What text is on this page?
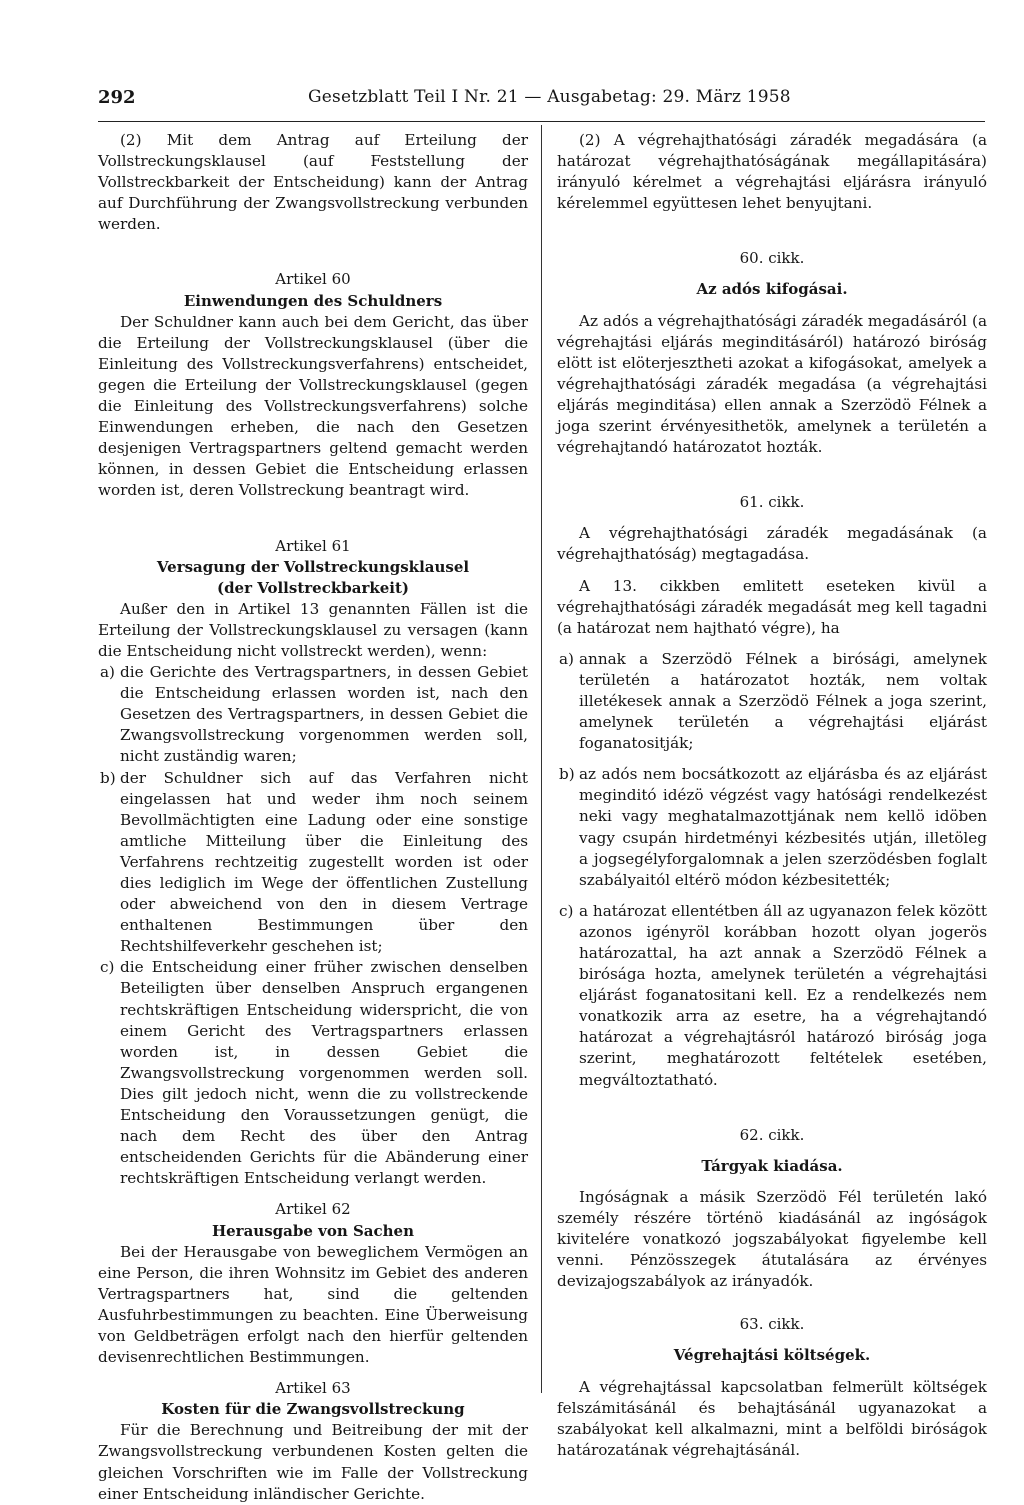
292	Gesetzblatt Teil I Nr. 21 — Ausgabetag: 29. März 1958

(2) Mit dem Antrag auf Erteilung der Vollstreckungsklausel (auf Feststellung der Vollstreckbarkeit der Entscheidung) kann der Antrag auf Durchführung der Zwangsvollstreckung verbunden werden.

Artikel 60
Einwendungen des Schuldners

Der Schuldner kann auch bei dem Gericht, das über die Erteilung der Vollstreckungsklausel (über die Einleitung des Vollstreckungsverfahrens) entscheidet, gegen die Erteilung der Vollstreckungsklausel (gegen die Einleitung des Vollstreckungsverfahrens) solche Einwendungen erheben, die nach den Gesetzen desjenigen Vertragspartners geltend gemacht werden können, in dessen Gebiet die Entscheidung erlassen worden ist, deren Vollstreckung beantragt wird.

Artikel 61
Versagung der Vollstreckungsklausel
(der Vollstreckbarkeit)

Außer den in Artikel 13 genannten Fällen ist die Erteilung der Vollstreckungsklausel zu versagen (kann die Entscheidung nicht vollstreckt werden), wenn:

a) die Gerichte des Vertragspartners, in dessen Gebiet die Entscheidung erlassen worden ist, nach den Gesetzen des Vertragspartners, in dessen Gebiet die Zwangsvollstreckung vorgenommen werden soll, nicht zuständig waren;
b) der Schuldner sich auf das Verfahren nicht eingelassen hat und weder ihm noch seinem Bevollmächtigten eine Ladung oder eine sonstige amtliche Mitteilung über die Einleitung des Verfahrens rechtzeitig zugestellt worden ist oder dies lediglich im Wege der öffentlichen Zustellung oder abweichend von den in diesem Vertrage enthaltenen Bestimmungen über den Rechtshilfeverkehr geschehen ist;
c) die Entscheidung einer früher zwischen denselben Beteiligten über denselben Anspruch ergangenen rechtskräftigen Entscheidung widerspricht, die von einem Gericht des Vertragspartners erlassen worden ist, in dessen Gebiet die Zwangsvollstreckung vorgenommen werden soll. Dies gilt jedoch nicht, wenn die zu vollstreckende Entscheidung den Voraussetzungen genügt, die nach dem Recht des über den Antrag entscheidenden Gerichts für die Abänderung einer rechtskräftigen Entscheidung verlangt werden.
Artikel 62
Herausgabe von Sachen

Bei der Herausgabe von beweglichem Vermögen an eine Person, die ihren Wohnsitz im Gebiet des anderen Vertragspartners hat, sind die geltenden Ausfuhrbestimmungen zu beachten. Eine Überweisung von Geldbeträgen erfolgt nach den hierfür geltenden devisenrechtlichen Bestimmungen.

Artikel 63
Kosten für die Zwangsvollstreckung

Für die Berechnung und Beitreibung der mit der Zwangsvollstreckung verbundenen Kosten gelten die gleichen Vorschriften wie im Falle der Vollstreckung einer Entscheidung inländischer Gerichte.

(2) A végrehajthatósági záradék megadására (a határozat végrehajthatóságának megállapitására) irányuló kérelmet a végrehajtási eljárásra irányuló kérelemmel együttesen lehet benyujtani.

60. cikk.
Az adós kifogásai.

Az adós a végrehajthatósági záradék megadásáról (a végrehajtási eljárás meginditásáról) határozó biróság elött ist elöterjesztheti azokat a kifogásokat, amelyek a végrehajthatósági záradék megadása (a végrehajtási eljárás meginditása) ellen annak a Szerzödö Félnek a joga szerint érvényesithetök, amelynek a területén a végrehajtandó határozatot hozták.

61. cikk.

A végrehajthatósági záradék megadásának (a végrehajthatóság) megtagadása.

A 13. cikkben emlitett eseteken kivül a végrehajthatósági záradék megadását meg kell tagadni (a határozat nem hajtható végre), ha

a) annak a Szerzödö Félnek a birósági, amelynek területén a határozatot hozták, nem voltak illetékesek annak a Szerzödö Félnek a joga szerint, amelynek területén a végrehajtási eljárást foganatositják;
b) az adós nem bocsátkozott az eljárásba és az eljárást meginditó idézö végzést vagy hatósági rendelkezést neki vagy meghatalmazottjának nem kellö idöben vagy csupán hirdetményi kézbesités utján, illetöleg a jogsegélyforgalomnak a jelen szerzödésben foglalt szabályaitól eltérö módon kézbesitették;
c) a határozat ellentétben áll az ugyanazon felek között azonos igényröl korábban hozott olyan jogerös határozattal, ha azt annak a Szerzödö Félnek a birósága hozta, amelynek területén a végrehajtási eljárást foganatositani kell. Ez a rendelkezés nem vonatkozik arra az esetre, ha a végrehajtandó határozat a végrehajtásról határozó biróság joga szerint, meghatározott feltételek esetében, megváltoztatható.
62. cikk.
Tárgyak kiadása.

Ingóságnak a másik Szerzödö Fél területén lakó személy részére történö kiadásánál az ingóságok kivitelére vonatkozó jogszabályokat figyelembe kell venni. Pénzösszegek átutalására az érvényes devizajogszabályok az irányadók.

63. cikk.
Végrehajtási költségek.

A végrehajtással kapcsolatban felmerült költségek felszámitásánál és behajtásánál ugyanazokat a szabályokat kell alkalmazni, mint a belföldi biróságok határozatának végrehajtásánál.
